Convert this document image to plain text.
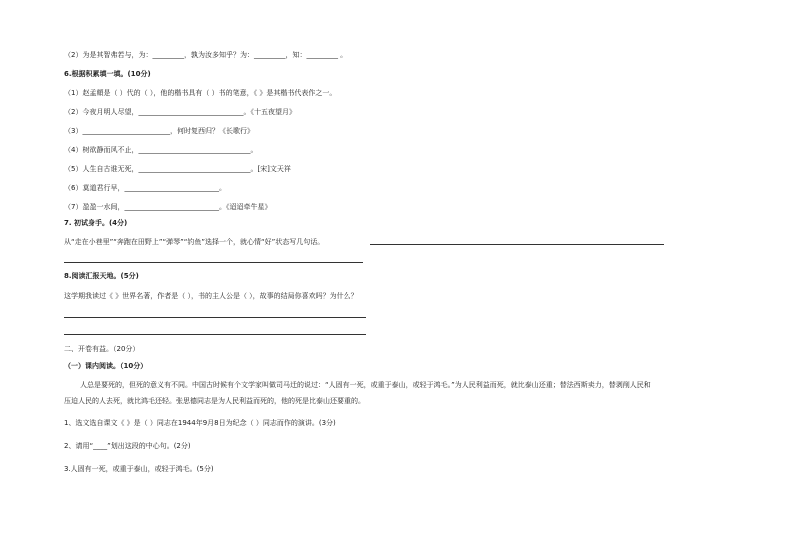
（2）为是其智弗若与，为：_________，孰为汝多知乎？为：_________，知：_________ 。
6.根据积累填一填。(10分)
（1）赵孟頫是（ ）代的（ ），他的楷书具有（ ）书的笔意，《 》是其楷书代表作之一。
（2）今夜月明人尽望，______________________________。《十五夜望月》
（3）_________________________，何时复西归？《长歌行》
（4）树欲静而风不止，________________________________。
（5）人生自古谁无死，________________________________。[宋]文天祥
（6）莫道君行早，___________________________。
（7）盈盈一水间，___________________________。《迢迢牵牛星》
7. 初试身手。(4分)
从“走在小巷里”“奔跑在田野上”“弹琴”“钓鱼”选择一个，就心情“好”状态写几句话。
8.阅读汇报天地。(5分)
这学期我读过《 》世界名著，作者是（ ），书的主人公是（ ），故事的结局你喜欢吗？为什么？
二、开卷有益。（20分）
（一）课内阅读。（10分）
人总是要死的，但死的意义有不同。中国古时候有个文学家叫做司马迁的说过：“人固有一死，或重于泰山，或轻于鸿毛。”为人民利益而死，就比泰山还重；替法西斯卖力，替剥削人民和
压迫人民的人去死，就比鸿毛还轻。张思德同志是为人民利益而死的，他的死是比泰山还要重的。
1、选文选自课文《 》是（ ）同志在1944年9月8日为纪念（ ）同志而作的演讲。(3分)
2、请用“____”划出这段的中心句。(2分)
3.人固有一死，或重于泰山，或轻于鸿毛。(5分)
